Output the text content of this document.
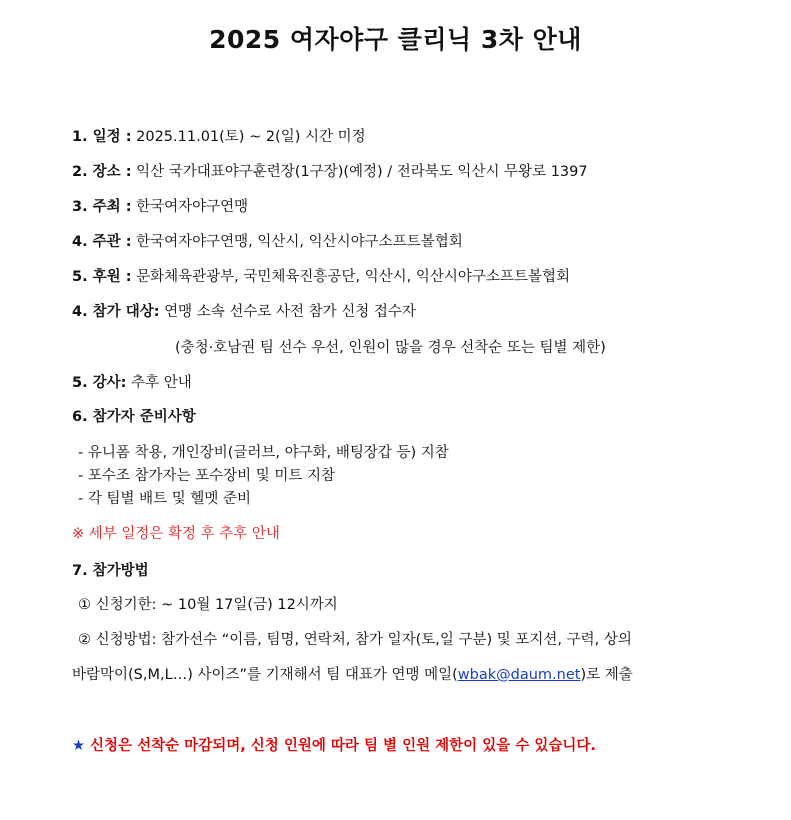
2025 여자야구 클리닉 3차 안내
1. 일정 : 2025.11.01(토) ~ 2(일) 시간 미정
2. 장소 : 익산 국가대표야구훈련장(1구장)(예정) / 전라북도 익산시 무왕로 1397
3. 주최 : 한국여자야구연맹
4. 주관 : 한국여자야구연맹, 익산시, 익산시야구소프트볼협회
5. 후원 : 문화체육관광부, 국민체육진흥공단, 익산시, 익산시야구소프트볼협회
4. 참가 대상: 연맹 소속 선수로 사전 참가 신청 접수자
(충청·호남권 팀 선수 우선, 인원이 많을 경우 선착순 또는 팀별 제한)
5. 강사: 추후 안내
6. 참가자 준비사항
- 유니폼 착용, 개인장비(글러브, 야구화, 배팅장갑 등) 지참
- 포수조 참가자는 포수장비 및 미트 지참
- 각 팀별 배트 및 헬멧 준비
※ 세부 일정은 확정 후 추후 안내
7. 참가방법
① 신청기한: ~ 10월 17일(금) 12시까지
② 신청방법: 참가선수 “이름, 팀명, 연락처, 참가 일자(토,일 구분) 및 포지션, 구력, 상의
바람막이(S,M,L…) 사이즈”를 기재해서 팀 대표가 연맹 메일(wbak@daum.net)로 제출
★ 신청은 선착순 마감되며, 신청 인원에 따라 팀 별 인원 제한이 있을 수 있습니다.
